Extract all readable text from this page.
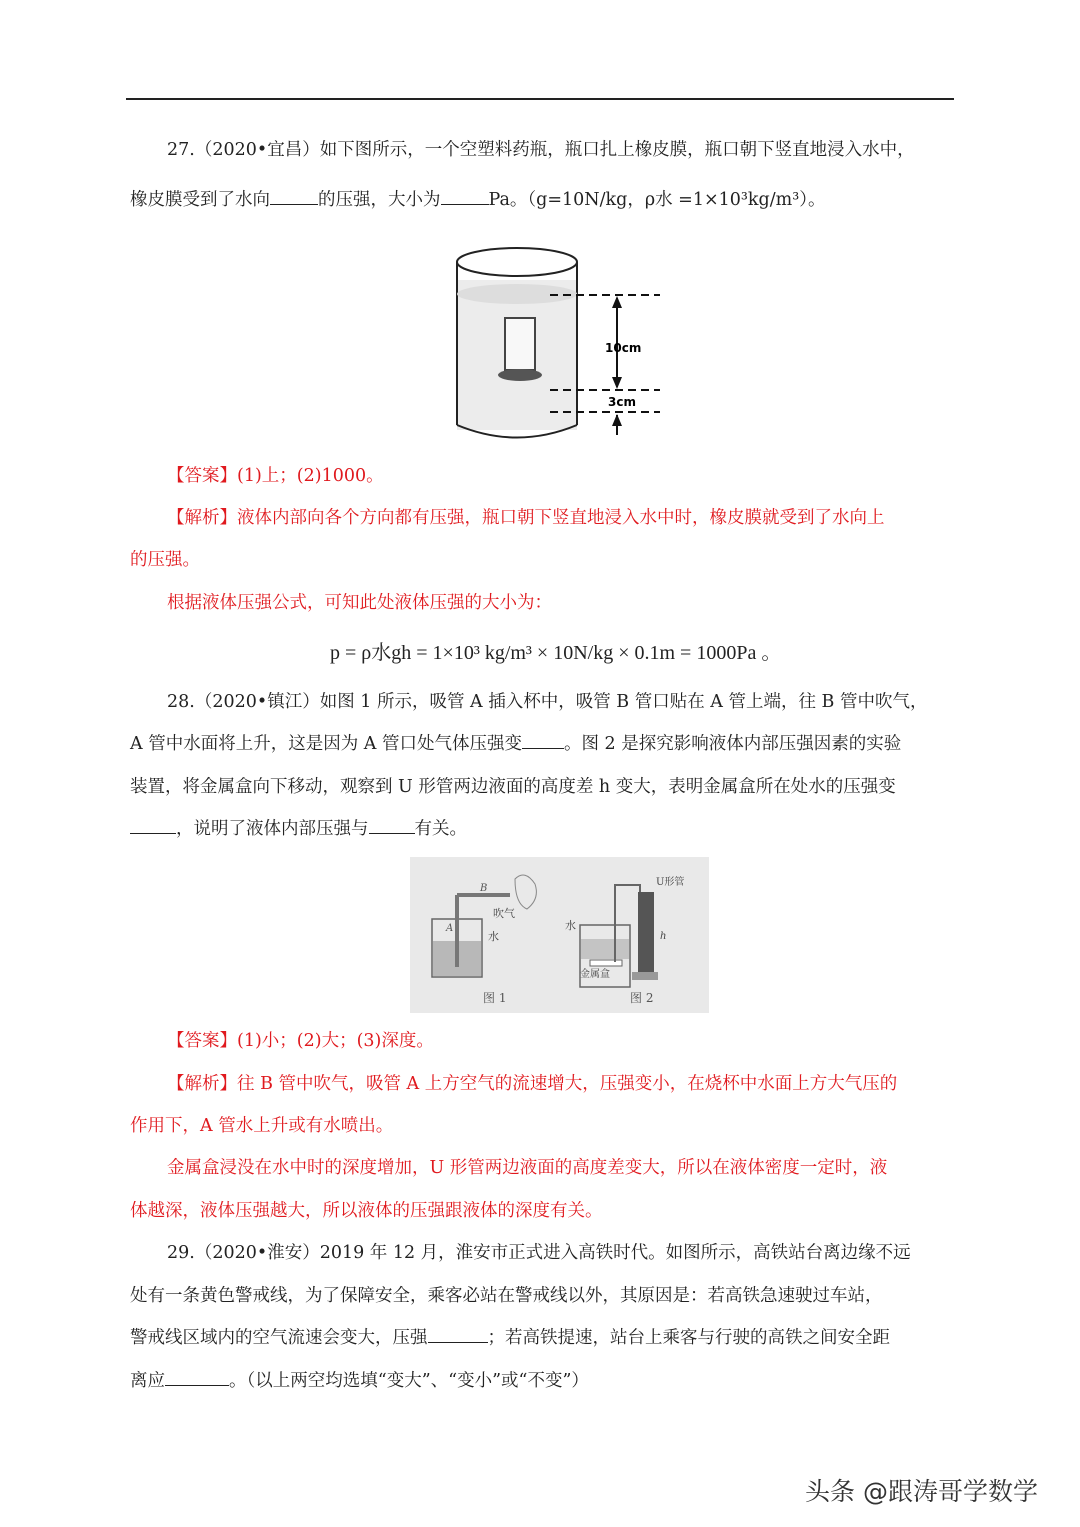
27.（2020•宜昌）如下图所示，一个空塑料药瓶，瓶口扎上橡皮膜，瓶口朝下竖直地浸入水中，
橡皮膜受到了水向	的压强，大小为	Pa。（g=10N/kg，ρ水 =1×10³kg/m³）。
10cm
3cm
【答案】(1)上；(2)1000。
【解析】液体内部向各个方向都有压强，瓶口朝下竖直地浸入水中时，橡皮膜就受到了水向上
的压强。
根据液体压强公式，可知此处液体压强的大小为：
p = ρ水gh = 1×10³ kg/m³ × 10N/kg × 0.1m = 1000Pa 。
28.（2020•镇江）如图 1 所示，吸管 A 插入杯中，吸管 B 管口贴在 A 管上端，往 B 管中吹气，
A 管中水面将上升，这是因为 A 管口处气体压强变 。图 2 是探究影响液体内部压强因素的实验
装置，将金属盒向下移动，观察到 U 形管两边液面的高度差 h 变大，表明金属盒所在处水的压强变
，说明了液体内部压强与	有关。
B
A
吹气
水
图 1
金属盒
水
U形管
h
图 2
【答案】(1)小；(2)大；(3)深度。
【解析】往 B 管中吹气，吸管 A 上方空气的流速增大，压强变小，在烧杯中水面上方大气压的
作用下，A 管水上升或有水喷出。
金属盒浸没在水中时的深度增加，U 形管两边液面的高度差变大，所以在液体密度一定时，液
体越深，液体压强越大，所以液体的压强跟液体的深度有关。
29.（2020•淮安）2019 年 12 月，淮安市正式进入高铁时代。如图所示，高铁站台离边缘不远
处有一条黄色警戒线，为了保障安全，乘客必站在警戒线以外，其原因是：若高铁急速驶过车站，
警戒线区域内的空气流速会变大，压强	；若高铁提速，站台上乘客与行驶的高铁之间安全距
离应	。（以上两空均选填“变大”、“变小”或“不变”）
头条 @跟涛哥学数学
